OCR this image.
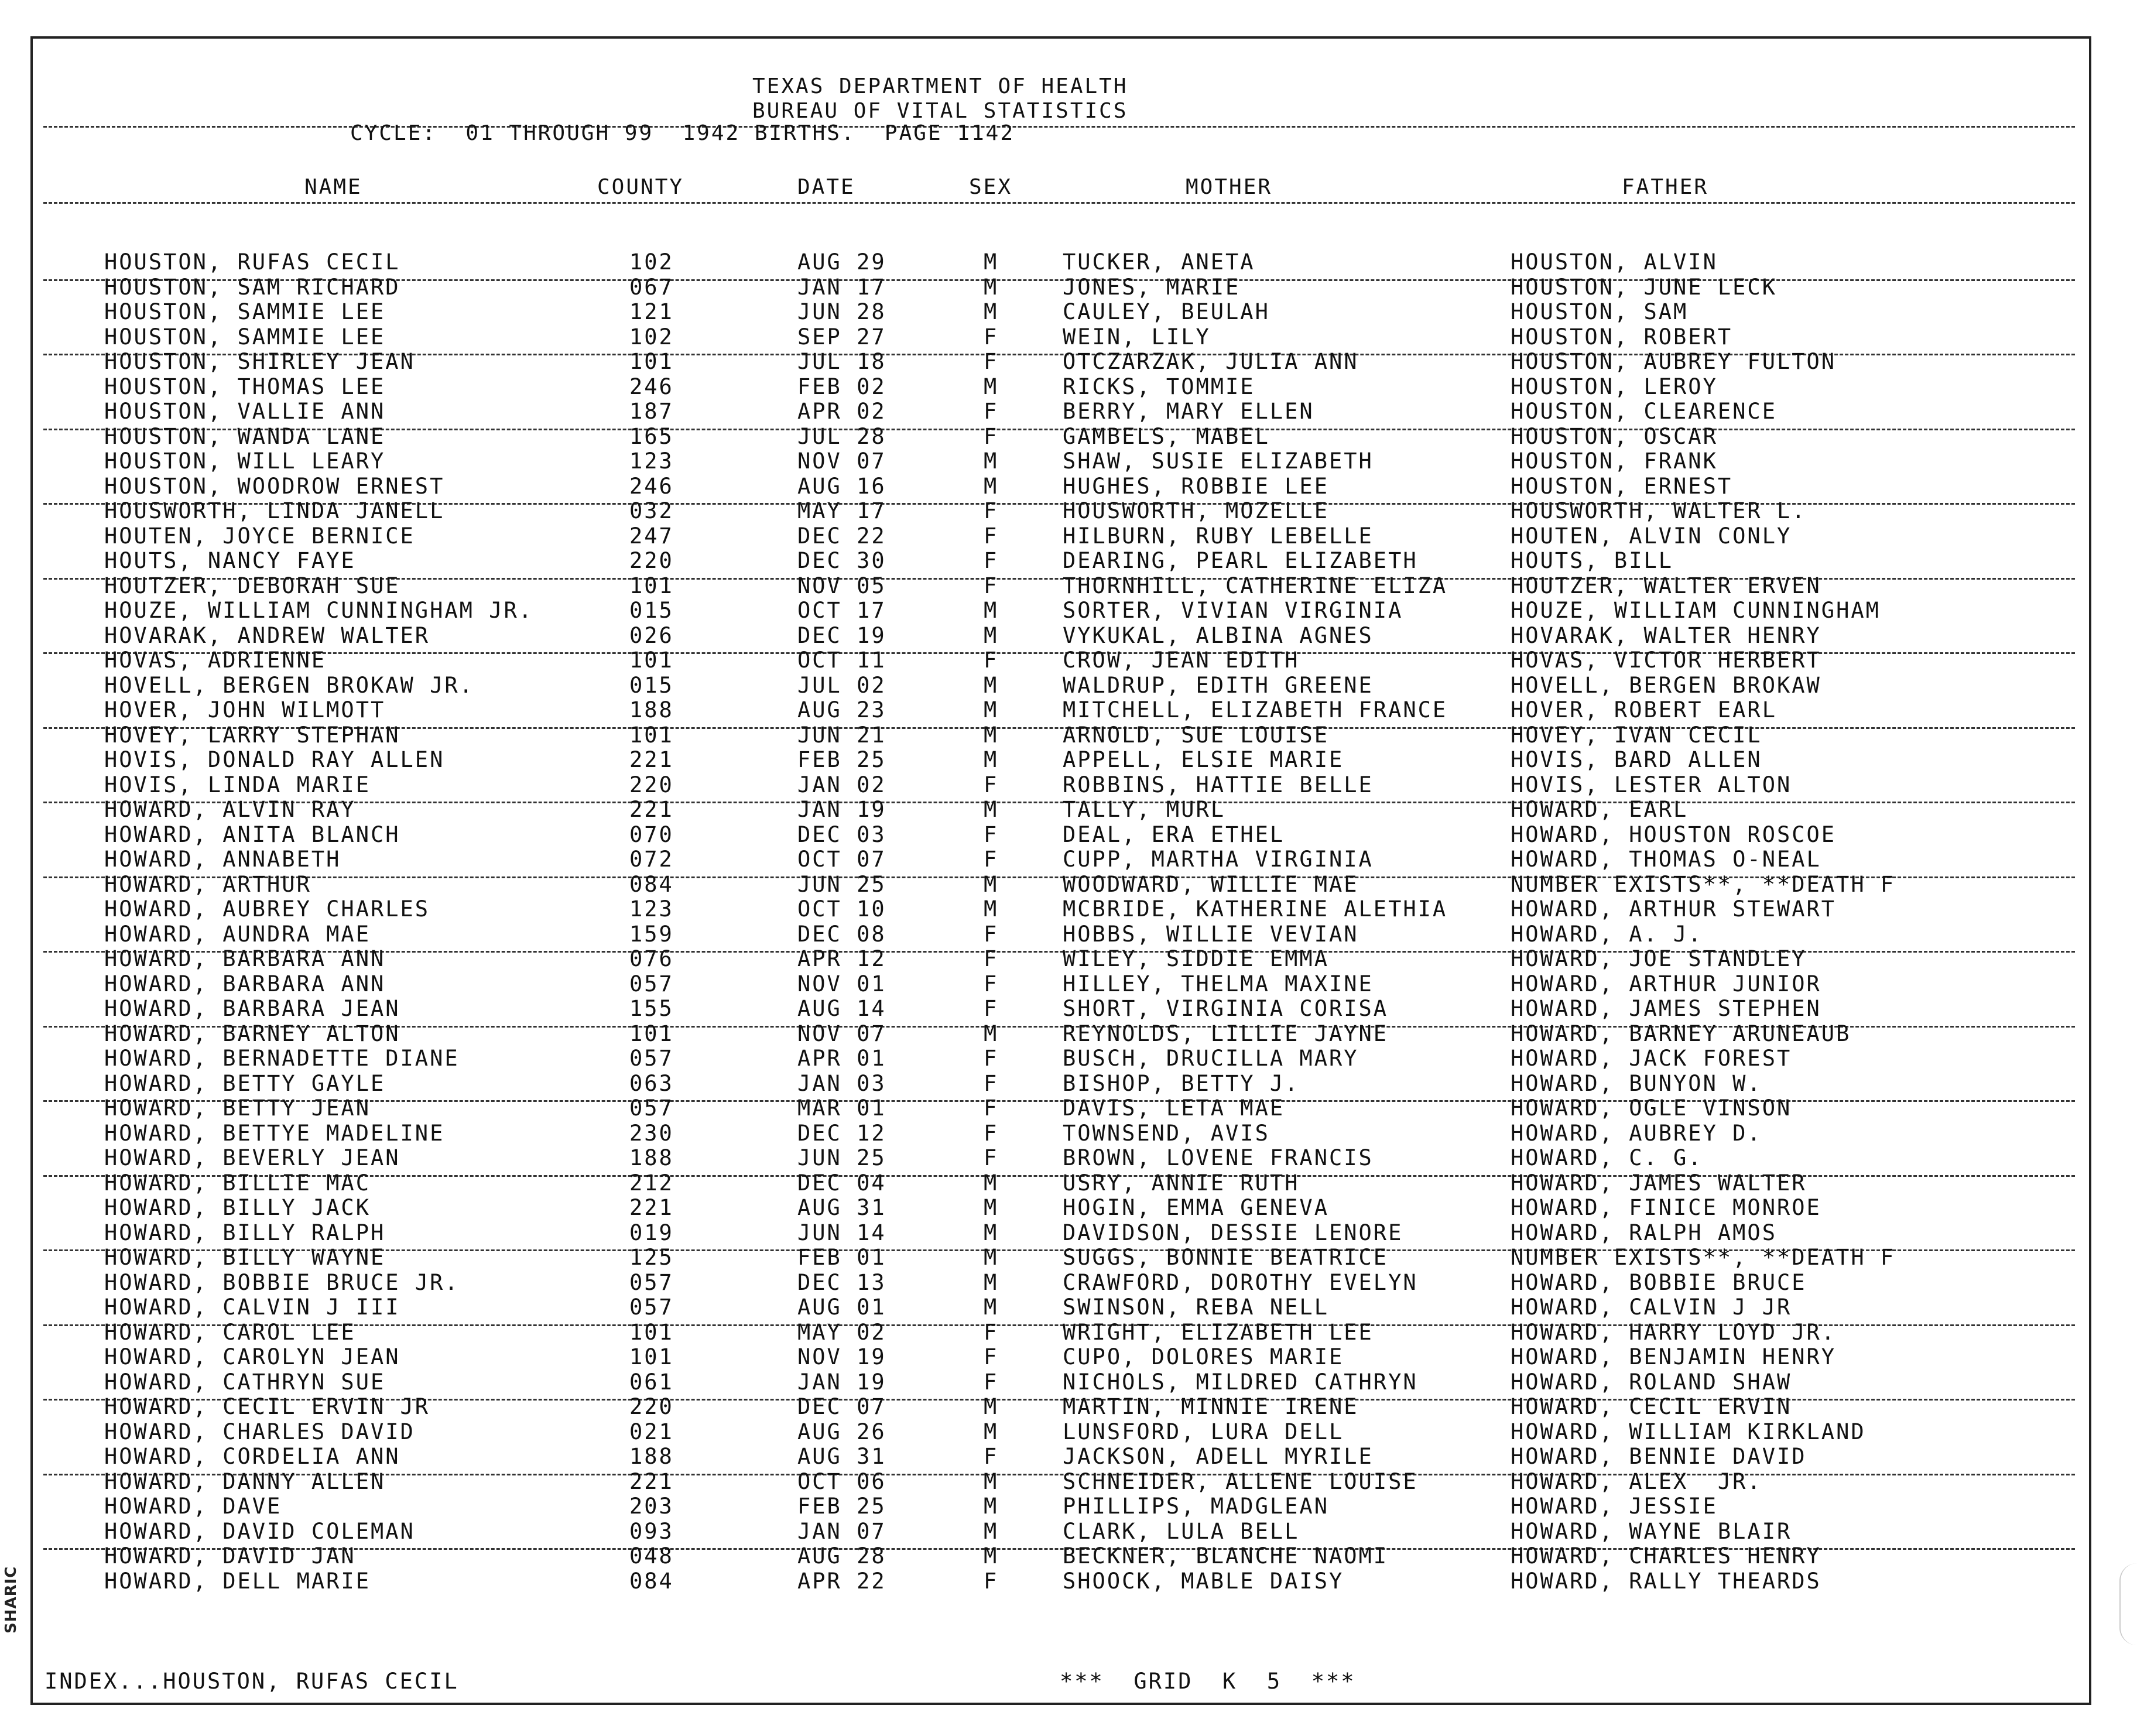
TEXAS DEPARTMENT OF HEALTH
BUREAU OF VITAL STATISTICS
CYCLE:  01 THROUGH 99  1942 BIRTHS.  PAGE 1142
NAME	COUNTY	DATE	SEX	MOTHER	FATHER
HOUSTON, RUFAS CECIL	102	AUG 29	M	TUCKER, ANETA	HOUSTON, ALVIN
HOUSTON, SAM RICHARD	067	JAN 17	M	JONES, MARIE	HOUSTON, JUNE LECK
HOUSTON, SAMMIE LEE	121	JUN 28	M	CAULEY, BEULAH	HOUSTON, SAM
HOUSTON, SAMMIE LEE	102	SEP 27	F	WEIN, LILY	HOUSTON, ROBERT
HOUSTON, SHIRLEY JEAN	101	JUL 18	F	OTCZARZAK, JULIA ANN	HOUSTON, AUBREY FULTON
HOUSTON, THOMAS LEE	246	FEB 02	M	RICKS, TOMMIE	HOUSTON, LEROY
HOUSTON, VALLIE ANN	187	APR 02	F	BERRY, MARY ELLEN	HOUSTON, CLEARENCE
HOUSTON, WANDA LANE	165	JUL 28	F	GAMBELS, MABEL	HOUSTON, OSCAR
HOUSTON, WILL LEARY	123	NOV 07	M	SHAW, SUSIE ELIZABETH	HOUSTON, FRANK
HOUSTON, WOODROW ERNEST	246	AUG 16	M	HUGHES, ROBBIE LEE	HOUSTON, ERNEST
HOUSWORTH, LINDA JANELL	032	MAY 17	F	HOUSWORTH, MOZELLE	HOUSWORTH, WALTER L.
HOUTEN, JOYCE BERNICE	247	DEC 22	F	HILBURN, RUBY LEBELLE	HOUTEN, ALVIN CONLY
HOUTS, NANCY FAYE	220	DEC 30	F	DEARING, PEARL ELIZABETH	HOUTS, BILL
HOUTZER, DEBORAH SUE	101	NOV 05	F	THORNHILL, CATHERINE ELIZA	HOUTZER, WALTER ERVEN
HOUZE, WILLIAM CUNNINGHAM JR.	015	OCT 17	M	SORTER, VIVIAN VIRGINIA	HOUZE, WILLIAM CUNNINGHAM
HOVARAK, ANDREW WALTER	026	DEC 19	M	VYKUKAL, ALBINA AGNES	HOVARAK, WALTER HENRY
HOVAS, ADRIENNE	101	OCT 11	F	CROW, JEAN EDITH	HOVAS, VICTOR HERBERT
HOVELL, BERGEN BROKAW JR.	015	JUL 02	M	WALDRUP, EDITH GREENE	HOVELL, BERGEN BROKAW
HOVER, JOHN WILMOTT	188	AUG 23	M	MITCHELL, ELIZABETH FRANCE	HOVER, ROBERT EARL
HOVEY, LARRY STEPHAN	101	JUN 21	M	ARNOLD, SUE LOUISE	HOVEY, IVAN CECIL
HOVIS, DONALD RAY ALLEN	221	FEB 25	M	APPELL, ELSIE MARIE	HOVIS, BARD ALLEN
HOVIS, LINDA MARIE	220	JAN 02	F	ROBBINS, HATTIE BELLE	HOVIS, LESTER ALTON
HOWARD, ALVIN RAY	221	JAN 19	M	TALLY, MURL	HOWARD, EARL
HOWARD, ANITA BLANCH	070	DEC 03	F	DEAL, ERA ETHEL	HOWARD, HOUSTON ROSCOE
HOWARD, ANNABETH	072	OCT 07	F	CUPP, MARTHA VIRGINIA	HOWARD, THOMAS O-NEAL
HOWARD, ARTHUR	084	JUN 25	M	WOODWARD, WILLIE MAE	NUMBER EXISTS**, **DEATH F
HOWARD, AUBREY CHARLES	123	OCT 10	M	MCBRIDE, KATHERINE ALETHIA	HOWARD, ARTHUR STEWART
HOWARD, AUNDRA MAE	159	DEC 08	F	HOBBS, WILLIE VEVIAN	HOWARD, A. J.
HOWARD, BARBARA ANN	076	APR 12	F	WILEY, SIDDIE EMMA	HOWARD, JOE STANDLEY
HOWARD, BARBARA ANN	057	NOV 01	F	HILLEY, THELMA MAXINE	HOWARD, ARTHUR JUNIOR
HOWARD, BARBARA JEAN	155	AUG 14	F	SHORT, VIRGINIA CORISA	HOWARD, JAMES STEPHEN
HOWARD, BARNEY ALTON	101	NOV 07	M	REYNOLDS, LILLIE JAYNE	HOWARD, BARNEY ARUNEAUB
HOWARD, BERNADETTE DIANE	057	APR 01	F	BUSCH, DRUCILLA MARY	HOWARD, JACK FOREST
HOWARD, BETTY GAYLE	063	JAN 03	F	BISHOP, BETTY J.	HOWARD, BUNYON W.
HOWARD, BETTY JEAN	057	MAR 01	F	DAVIS, LETA MAE	HOWARD, OGLE VINSON
HOWARD, BETTYE MADELINE	230	DEC 12	F	TOWNSEND, AVIS	HOWARD, AUBREY D.
HOWARD, BEVERLY JEAN	188	JUN 25	F	BROWN, LOVENE FRANCIS	HOWARD, C. G.
HOWARD, BILLIE MAC	212	DEC 04	M	USRY, ANNIE RUTH	HOWARD, JAMES WALTER
HOWARD, BILLY JACK	221	AUG 31	M	HOGIN, EMMA GENEVA	HOWARD, FINICE MONROE
HOWARD, BILLY RALPH	019	JUN 14	M	DAVIDSON, DESSIE LENORE	HOWARD, RALPH AMOS
HOWARD, BILLY WAYNE	125	FEB 01	M	SUGGS, BONNIE BEATRICE	NUMBER EXISTS**, **DEATH F
HOWARD, BOBBIE BRUCE JR.	057	DEC 13	M	CRAWFORD, DOROTHY EVELYN	HOWARD, BOBBIE BRUCE
HOWARD, CALVIN J III	057	AUG 01	M	SWINSON, REBA NELL	HOWARD, CALVIN J JR
HOWARD, CAROL LEE	101	MAY 02	F	WRIGHT, ELIZABETH LEE	HOWARD, HARRY LOYD JR.
HOWARD, CAROLYN JEAN	101	NOV 19	F	CUPO, DOLORES MARIE	HOWARD, BENJAMIN HENRY
HOWARD, CATHRYN SUE	061	JAN 19	F	NICHOLS, MILDRED CATHRYN	HOWARD, ROLAND SHAW
HOWARD, CECIL ERVIN JR	220	DEC 07	M	MARTIN, MINNIE IRENE	HOWARD, CECIL ERVIN
HOWARD, CHARLES DAVID	021	AUG 26	M	LUNSFORD, LURA DELL	HOWARD, WILLIAM KIRKLAND
HOWARD, CORDELIA ANN	188	AUG 31	F	JACKSON, ADELL MYRILE	HOWARD, BENNIE DAVID
HOWARD, DANNY ALLEN	221	OCT 06	M	SCHNEIDER, ALLENE LOUISE	HOWARD, ALEX  JR.
HOWARD, DAVE	203	FEB 25	M	PHILLIPS, MADGLEAN	HOWARD, JESSIE
HOWARD, DAVID COLEMAN	093	JAN 07	M	CLARK, LULA BELL	HOWARD, WAYNE BLAIR
HOWARD, DAVID JAN	048	AUG 28	M	BECKNER, BLANCHE NAOMI	HOWARD, CHARLES HENRY
HOWARD, DELL MARIE	084	APR 22	F	SHOOCK, MABLE DAISY	HOWARD, RALLY THEARDS
INDEX...HOUSTON, RUFAS CECIL	***  GRID  K  5  ***
SHARIC
